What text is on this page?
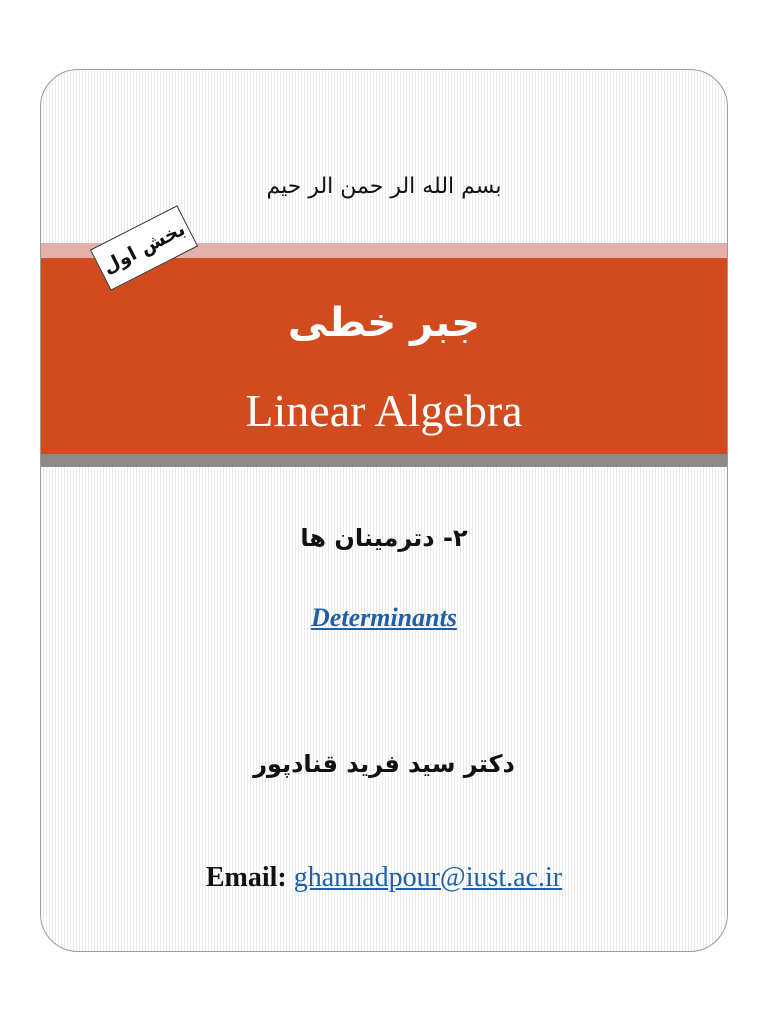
بسم الله الر حمن الر حیم
جبر خطی
Linear Algebra
بخش اول
۲- دترمینان ها
Determinants
دکتر سید فرید قنادپور
Email: ghannadpour@iust.ac.ir
